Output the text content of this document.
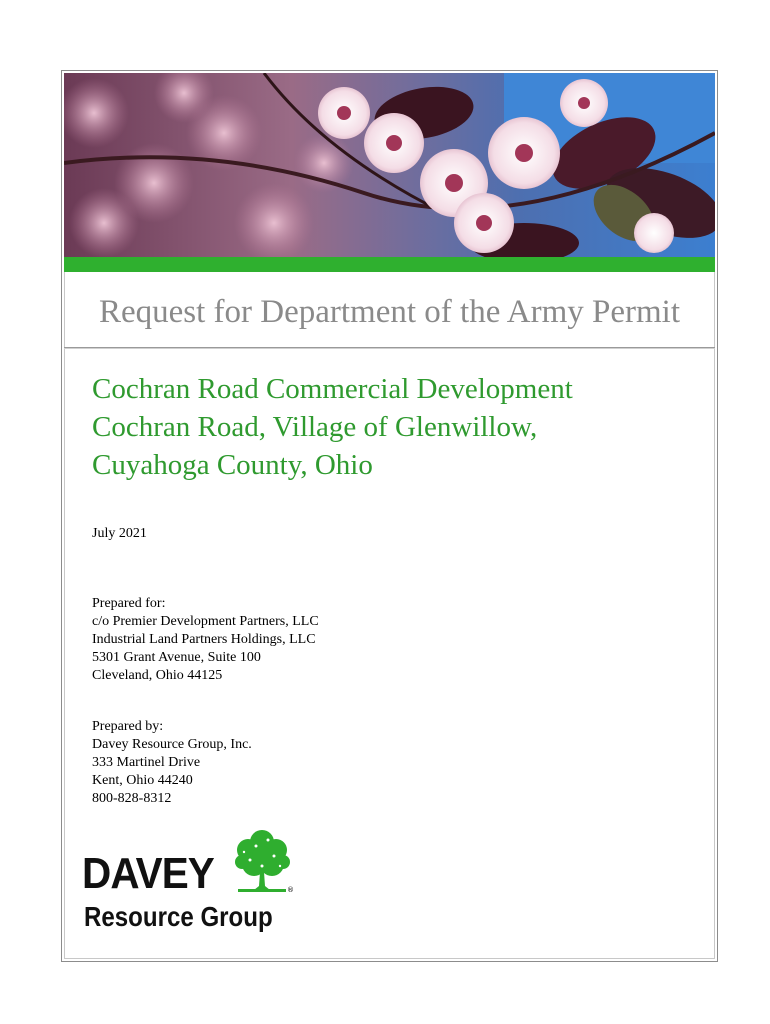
Request for Department of the Army Permit
Cochran Road Commercial Development
Cochran Road, Village of Glenwillow,
Cuyahoga County, Ohio
July 2021
Prepared for:
c/o Premier Development Partners, LLC
Industrial Land Partners Holdings, LLC
5301 Grant Avenue, Suite 100
Cleveland, Ohio 44125
Prepared by:
Davey Resource Group, Inc.
333 Martinel Drive
Kent, Ohio 44240
800-828-8312
DAVEY	®
Resource Group
